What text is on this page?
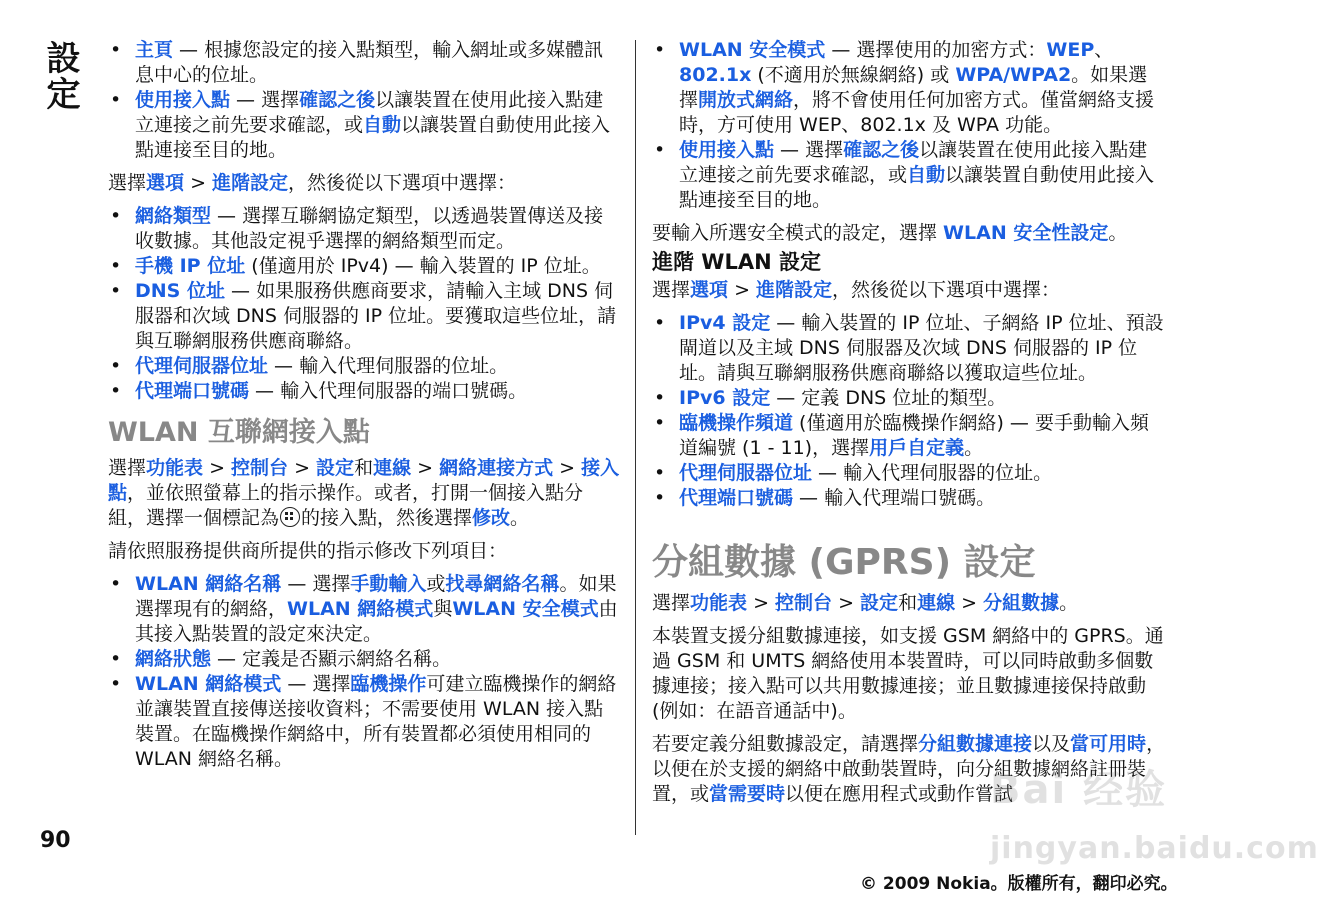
設定
90
• 主頁 — 根據您設定的接入點類型，輸入網址或多媒體訊息中心的位址。
• 使用接入點 — 選擇確認之後以讓裝置在使用此接入點建立連接之前先要求確認，或自動以讓裝置自動使用此接入點連接至目的地。

選擇選項 > 進階設定，然後從以下選項中選擇：

• 網絡類型 — 選擇互聯網協定類型，以透過裝置傳送及接收數據。其他設定視乎選擇的網絡類型而定。
• 手機 IP 位址 (僅適用於 IPv4) — 輸入裝置的 IP 位址。
• DNS 位址 — 如果服務供應商要求，請輸入主域 DNS 伺服器和次域 DNS 伺服器的 IP 位址。要獲取這些位址，請與互聯網服務供應商聯絡。
• 代理伺服器位址 — 輸入代理伺服器的位址。
• 代理端口號碼 — 輸入代理伺服器的端口號碼。
WLAN 互聯網接入點

選擇功能表 > 控制台 > 設定和連線 > 網絡連接方式 > 接入點，並依照螢幕上的指示操作。或者，打開一個接入點分組，選擇一個標記為 的接入點，然後選擇修改。

請依照服務提供商所提供的指示修改下列項目：

• WLAN 網絡名稱 — 選擇手動輸入或找尋網絡名稱。如果選擇現有的網絡，WLAN 網絡模式與WLAN 安全模式由其接入點裝置的設定來決定。
• 網絡狀態 — 定義是否顯示網絡名稱。
• WLAN 網絡模式 — 選擇臨機操作可建立臨機操作的網絡並讓裝置直接傳送接收資料；不需要使用 WLAN 接入點裝置。在臨機操作網絡中，所有裝置都必須使用相同的 WLAN 網絡名稱。
• WLAN 安全模式 — 選擇使用的加密方式：WEP、802.1x (不適用於無線網絡) 或 WPA/WPA2。如果選擇開放式網絡，將不會使用任何加密方式。僅當網絡支援時，方可使用 WEP、802.1x 及 WPA 功能。
• 使用接入點 — 選擇確認之後以讓裝置在使用此接入點建立連接之前先要求確認，或自動以讓裝置自動使用此接入點連接至目的地。

要輸入所選安全模式的設定，選擇 WLAN 安全性設定。

進階 WLAN 設定

選擇選項 > 進階設定，然後從以下選項中選擇：

• IPv4 設定 — 輸入裝置的 IP 位址、子網絡 IP 位址、預設閘道以及主域 DNS 伺服器及次域 DNS 伺服器的 IP 位址。請與互聯網服務供應商聯絡以獲取這些位址。
• IPv6 設定 — 定義 DNS 位址的類型。
• 臨機操作頻道 (僅適用於臨機操作網絡) — 要手動輸入頻道編號 (1 - 11)，選擇用戶自定義。
• 代理伺服器位址 — 輸入代理伺服器的位址。
• 代理端口號碼 — 輸入代理端口號碼。
分組數據 (GPRS) 設定

選擇功能表 > 控制台 > 設定和連線 > 分組數據。

本裝置支援分組數據連接，如支援 GSM 網絡中的 GPRS。通過 GSM 和 UMTS 網絡使用本裝置時，可以同時啟動多個數據連接；接入點可以共用數據連接；並且數據連接保持啟動 (例如：在語音通話中)。

若要定義分組數據設定，請選擇分組數據連接以及當可用時，以便在於支援的網絡中啟動裝置時，向分組數據網絡註冊裝置，或當需要時以便在應用程式或動作嘗試

Bai 经验
jingyan.baidu.com
© 2009 Nokia。版權所有，翻印必究。
